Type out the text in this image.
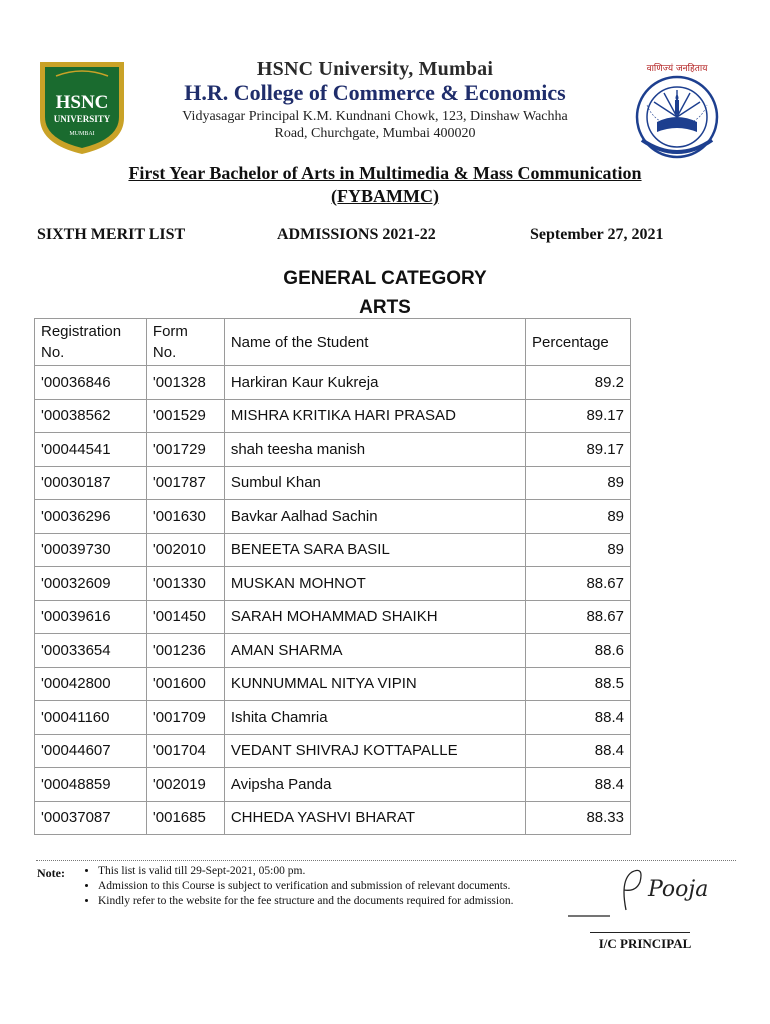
HSNC
UNIVERSITY
MUMBAI
HSNC University, Mumbai
H.R. College of Commerce & Economics
Vidyasagar Principal K.M. Kundnani Chowk, 123, Dinshaw Wachha
Road, Churchgate, Mumbai 400020
वाणिज्यं जनहिताय
First Year Bachelor of Arts in Multimedia & Mass Communication
(FYBAMMC)
SIXTH MERIT LIST	ADMISSIONS 2021-22	September 27, 2021
GENERAL CATEGORY
ARTS
Registration
No.	Form
No.	Name of the Student	Percentage
'00036846	'001328	Harkiran Kaur Kukreja	89.2
'00038562	'001529	MISHRA KRITIKA HARI PRASAD	89.17
'00044541	'001729	shah teesha manish	89.17
'00030187	'001787	Sumbul Khan	89
'00036296	'001630	Bavkar Aalhad Sachin	89
'00039730	'002010	BENEETA SARA BASIL	89
'00032609	'001330	MUSKAN MOHNOT	88.67
'00039616	'001450	SARAH MOHAMMAD SHAIKH	88.67
'00033654	'001236	AMAN SHARMA	88.6
'00042800	'001600	KUNNUMMAL NITYA VIPIN	88.5
'00041160	'001709	Ishita Chamria	88.4
'00044607	'001704	VEDANT SHIVRAJ KOTTAPALLE	88.4
'00048859	'002019	Avipsha Panda	88.4
'00037087	'001685	CHHEDA YASHVI BHARAT	88.33
Note:	• This list is valid till 29-Sept-2021, 05:00 pm.
• Admission to this Course is subject to verification and submission of relevant documents.
• Kindly refer to the website for the fee structure and the documents required for admission.	Pooja
I/C PRINCIPAL
